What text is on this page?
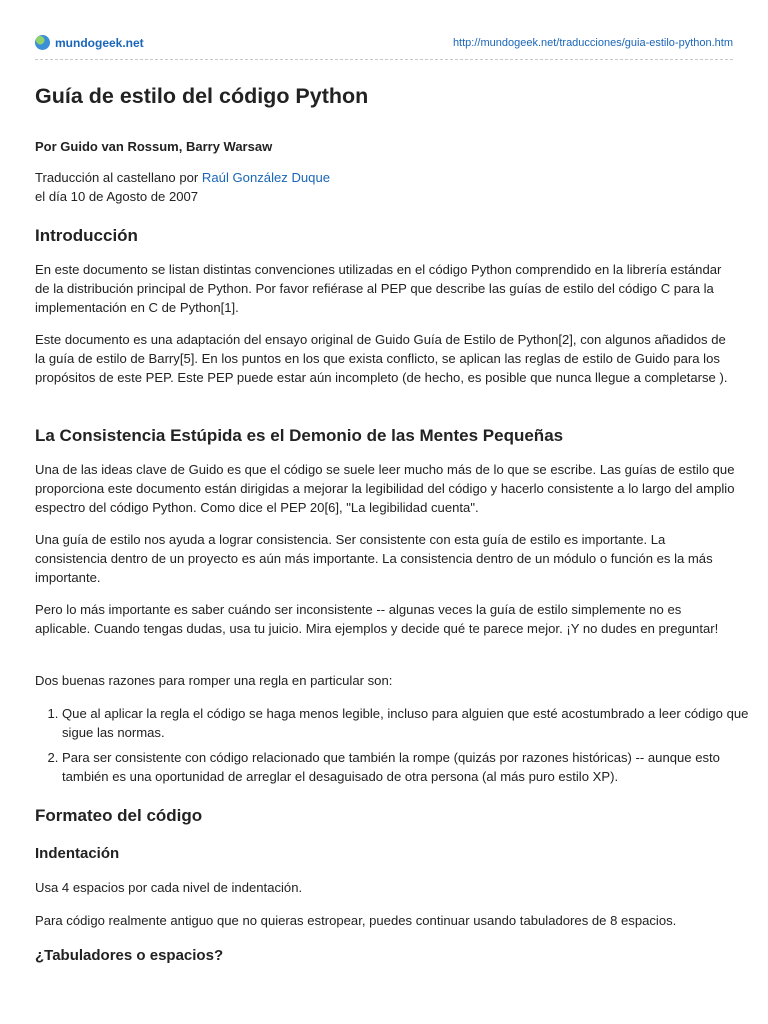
mundogeek.net	http://mundogeek.net/traducciones/guia-estilo-python.htm
Guía de estilo del código Python

Por Guido van Rossum, Barry Warsaw

Traducción al castellano por Raúl González Duque
el día 10 de Agosto de 2007

Introducción

En este documento se listan distintas convenciones utilizadas en el código Python comprendido en la librería estándar de la distribución principal de Python. Por favor refiérase al PEP que describe las guías de estilo del código C para la implementación en C de Python[1].

Este documento es una adaptación del ensayo original de Guido Guía de Estilo de Python[2], con algunos añadidos de la guía de estilo de Barry[5]. En los puntos en los que exista conflicto, se aplican las reglas de estilo de Guido para los propósitos de este PEP. Este PEP puede estar aún incompleto (de hecho, es posible que nunca llegue a completarse ).

La Consistencia Estúpida es el Demonio de las Mentes Pequeñas

Una de las ideas clave de Guido es que el código se suele leer mucho más de lo que se escribe. Las guías de estilo que proporciona este documento están dirigidas a mejorar la legibilidad del código y hacerlo consistente a lo largo del amplio espectro del código Python. Como dice el PEP 20[6], "La legibilidad cuenta".

Una guía de estilo nos ayuda a lograr consistencia. Ser consistente con esta guía de estilo es importante. La consistencia dentro de un proyecto es aún más importante. La consistencia dentro de un módulo o función es la más importante.

Pero lo más importante es saber cuándo ser inconsistente -- algunas veces la guía de estilo simplemente no es aplicable. Cuando tengas dudas, usa tu juicio. Mira ejemplos y decide qué te parece mejor. ¡Y no dudes en preguntar!

Dos buenas razones para romper una regla en particular son:

1. Que al aplicar la regla el código se haga menos legible, incluso para alguien que esté acostumbrado a leer código que sigue las normas.
2. Para ser consistente con código relacionado que también la rompe (quizás por razones históricas) -- aunque esto también es una oportunidad de arreglar el desaguisado de otra persona (al más puro estilo XP).
Formateo del código
Indentación

Usa 4 espacios por cada nivel de indentación.

Para código realmente antiguo que no quieras estropear, puedes continuar usando tabuladores de 8 espacios.

¿Tabuladores o espacios?
